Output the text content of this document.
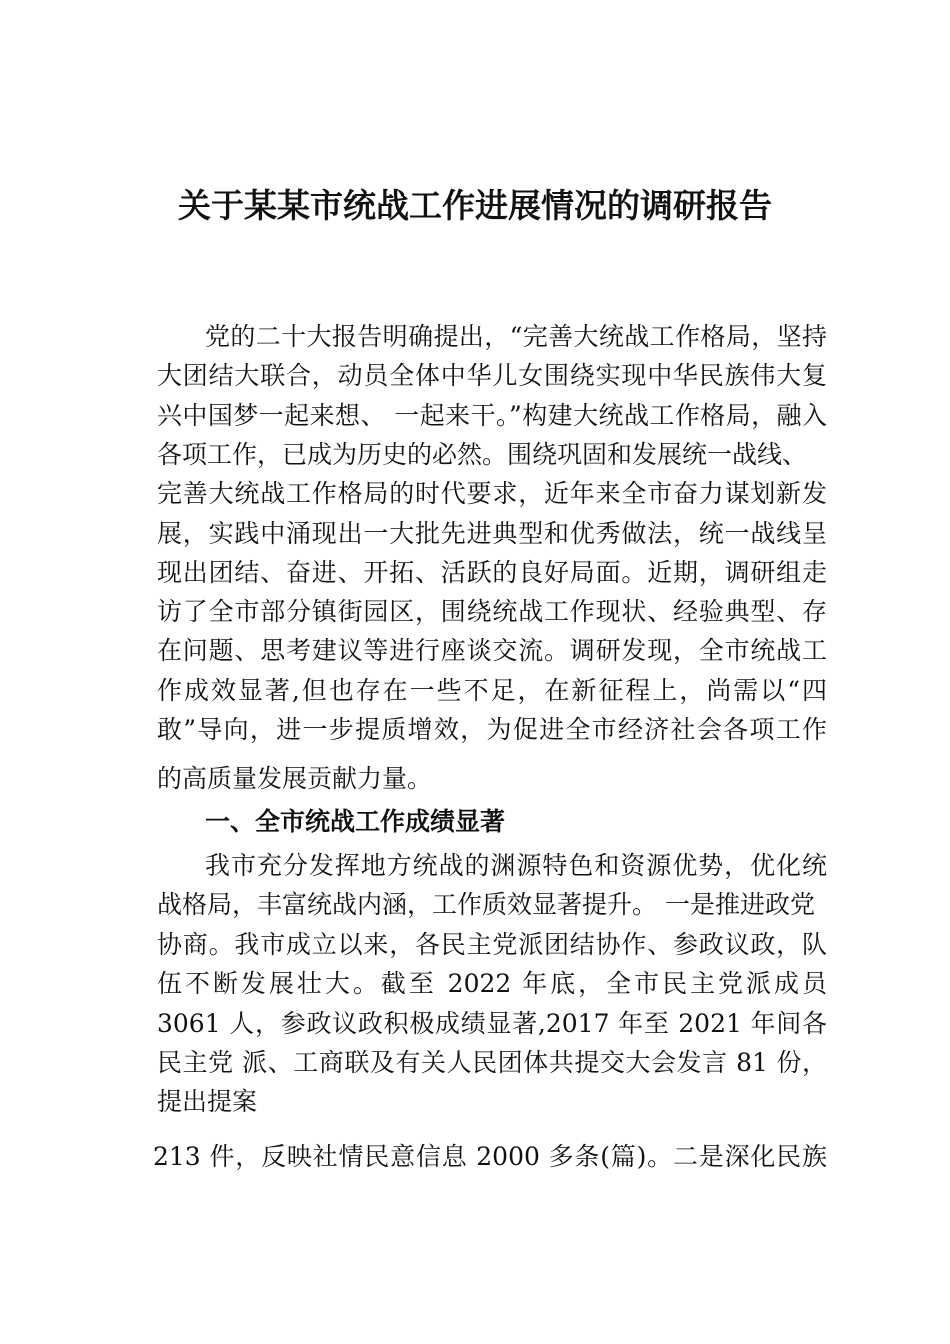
关于某某市统战工作进展情况的调研报告

党的二十大报告明确提出，“完善大统战工作格局，坚持

大团结大联合，动员全体中华儿女围绕实现中华民族伟大复

兴中国梦一起来想、 一起来干。”构建大统战工作格局，融入

各项工作，已成为历史的必然。围绕巩固和发展统一战线、

完善大统战工作格局的时代要求，近年来全市奋力谋划新发

展，实践中涌现出一大批先进典型和优秀做法，统一战线呈

现出团结、奋进、开拓、活跃的良好局面。近期，调研组走

访了全市部分镇街园区，围绕统战工作现状、经验典型、存

在问题、思考建议等进行座谈交流。调研发现，全市统战工

作成效显著,但也存在一些不足，在新征程上，尚需以“四

敢”导向，进一步提质增效，为促进全市经济社会各项工作

的高质量发展贡献力量。

一、全市统战工作成绩显著

我市充分发挥地方统战的渊源特色和资源优势，优化统

战格局，丰富统战内涵，工作质效显著提升。 一是推进政党

协商。我市成立以来，各民主党派团结协作、参政议政，队

伍不断发展壮大。截至 2022 年底，全市民主党派成员

3061 人，参政议政积极成绩显著,2017 年至 2021 年间各

民主党 派、工商联及有关人民团体共提交大会发言 81 份，

提出提案

213 件，反映社情民意信息 2000 多条(篇)。二是深化民族
